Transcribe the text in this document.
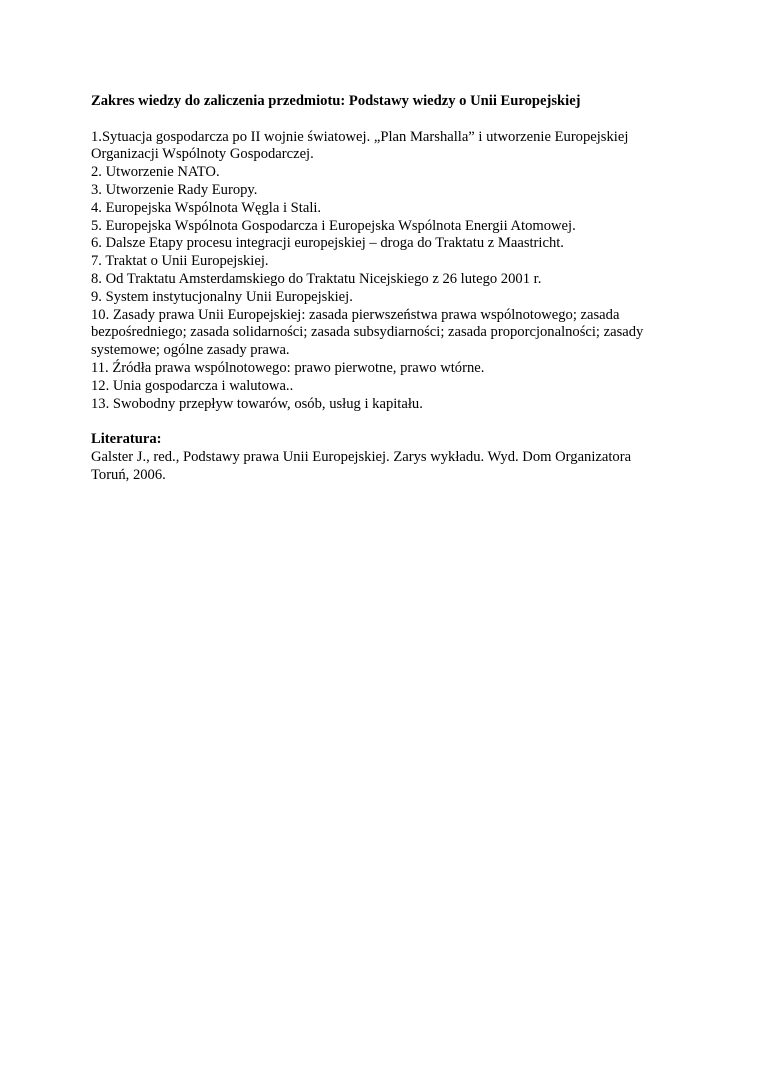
Zakres wiedzy do zaliczenia przedmiotu: Podstawy wiedzy o Unii Europejskiej

1.Sytuacja gospodarcza po II wojnie światowej. „Plan Marshalla” i utworzenie Europejskiej Organizacji Wspólnoty Gospodarczej.
2. Utworzenie NATO.
3. Utworzenie Rady Europy.
4. Europejska Wspólnota Węgla i Stali.
5. Europejska Wspólnota Gospodarcza i Europejska Wspólnota Energii Atomowej.
6. Dalsze Etapy procesu integracji europejskiej – droga do Traktatu z Maastricht.
7. Traktat o Unii Europejskiej.
8. Od Traktatu Amsterdamskiego do Traktatu Nicejskiego z 26 lutego 2001 r.
9. System instytucjonalny Unii Europejskiej.
10. Zasady prawa Unii Europejskiej: zasada pierwszeństwa prawa wspólnotowego; zasada bezpośredniego; zasada solidarności; zasada subsydiarności; zasada proporcjonalności; zasady systemowe; ogólne zasady prawa.
11. Źródła prawa wspólnotowego: prawo pierwotne, prawo wtórne.
12. Unia gospodarcza i walutowa..
13. Swobodny przepływ towarów, osób, usług i kapitału.

Literatura:

Galster J., red., Podstawy prawa Unii Europejskiej. Zarys wykładu. Wyd. Dom Organizatora Toruń, 2006.
